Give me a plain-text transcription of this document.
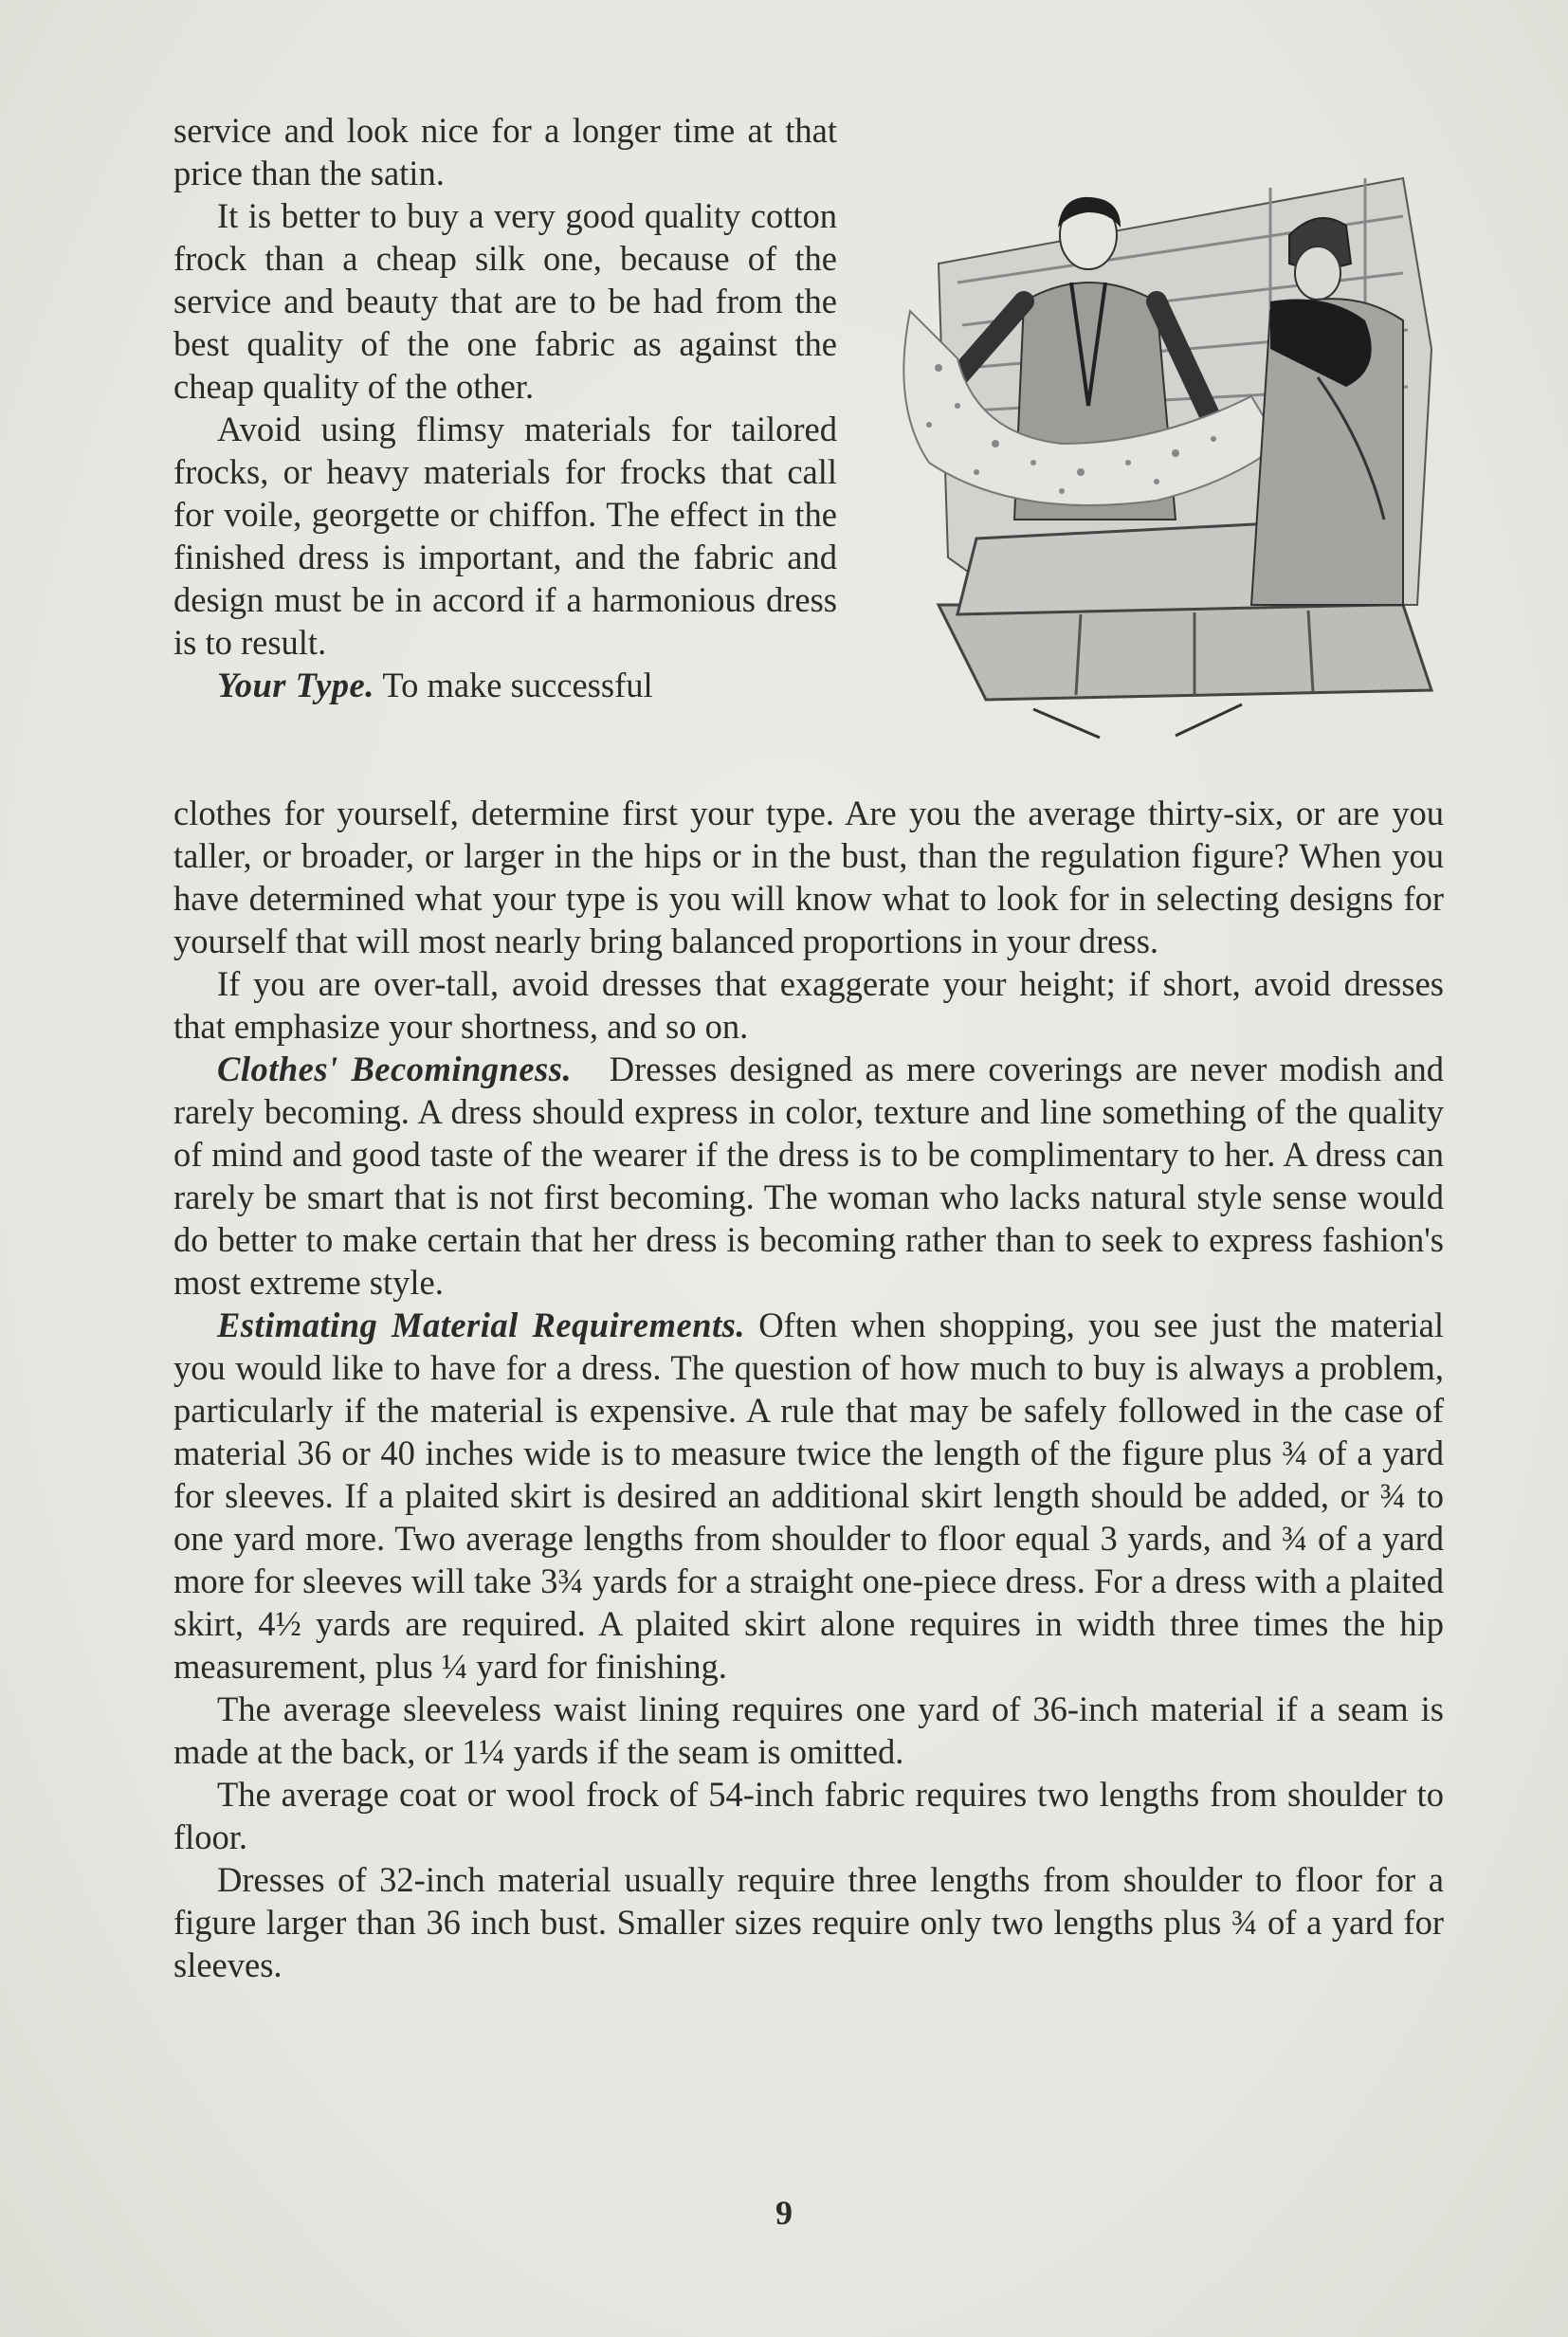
service and look nice for a longer time at that price than the satin.

It is better to buy a very good quality cotton frock than a cheap silk one, because of the service and beauty that are to be had from the best quality of the one fabric as against the cheap quality of the other.

Avoid using flimsy materials for tailored frocks, or heavy materials for frocks that call for voile, georgette or chiffon. The effect in the finished dress is important, and the fabric and design must be in accord if a harmonious dress is to result.

Your Type. To make successful

clothes for yourself, determine first your type. Are you the average thirty-six, or are you taller, or broader, or larger in the hips or in the bust, than the regulation figure? When you have determined what your type is you will know what to look for in selecting designs for yourself that will most nearly bring balanced proportions in your dress.

If you are over-tall, avoid dresses that exaggerate your height; if short, avoid dresses that emphasize your shortness, and so on.

Clothes' Becomingness. Dresses designed as mere coverings are never modish and rarely becoming. A dress should express in color, texture and line something of the quality of mind and good taste of the wearer if the dress is to be complimentary to her. A dress can rarely be smart that is not first becoming. The woman who lacks natural style sense would do better to make certain that her dress is becoming rather than to seek to express fashion's most extreme style.

Estimating Material Requirements. Often when shopping, you see just the material you would like to have for a dress. The question of how much to buy is always a problem, particularly if the material is expensive. A rule that may be safely followed in the case of material 36 or 40 inches wide is to measure twice the length of the figure plus ¾ of a yard for sleeves. If a plaited skirt is desired an additional skirt length should be added, or ¾ to one yard more. Two average lengths from shoulder to floor equal 3 yards, and ¾ of a yard more for sleeves will take 3¾ yards for a straight one-piece dress. For a dress with a plaited skirt, 4½ yards are required. A plaited skirt alone requires in width three times the hip measurement, plus ¼ yard for finishing.

The average sleeveless waist lining requires one yard of 36-inch material if a seam is made at the back, or 1¼ yards if the seam is omitted.

The average coat or wool frock of 54-inch fabric requires two lengths from shoulder to floor.

Dresses of 32-inch material usually require three lengths from shoulder to floor for a figure larger than 36 inch bust. Smaller sizes require only two lengths plus ¾ of a yard for sleeves.

9
